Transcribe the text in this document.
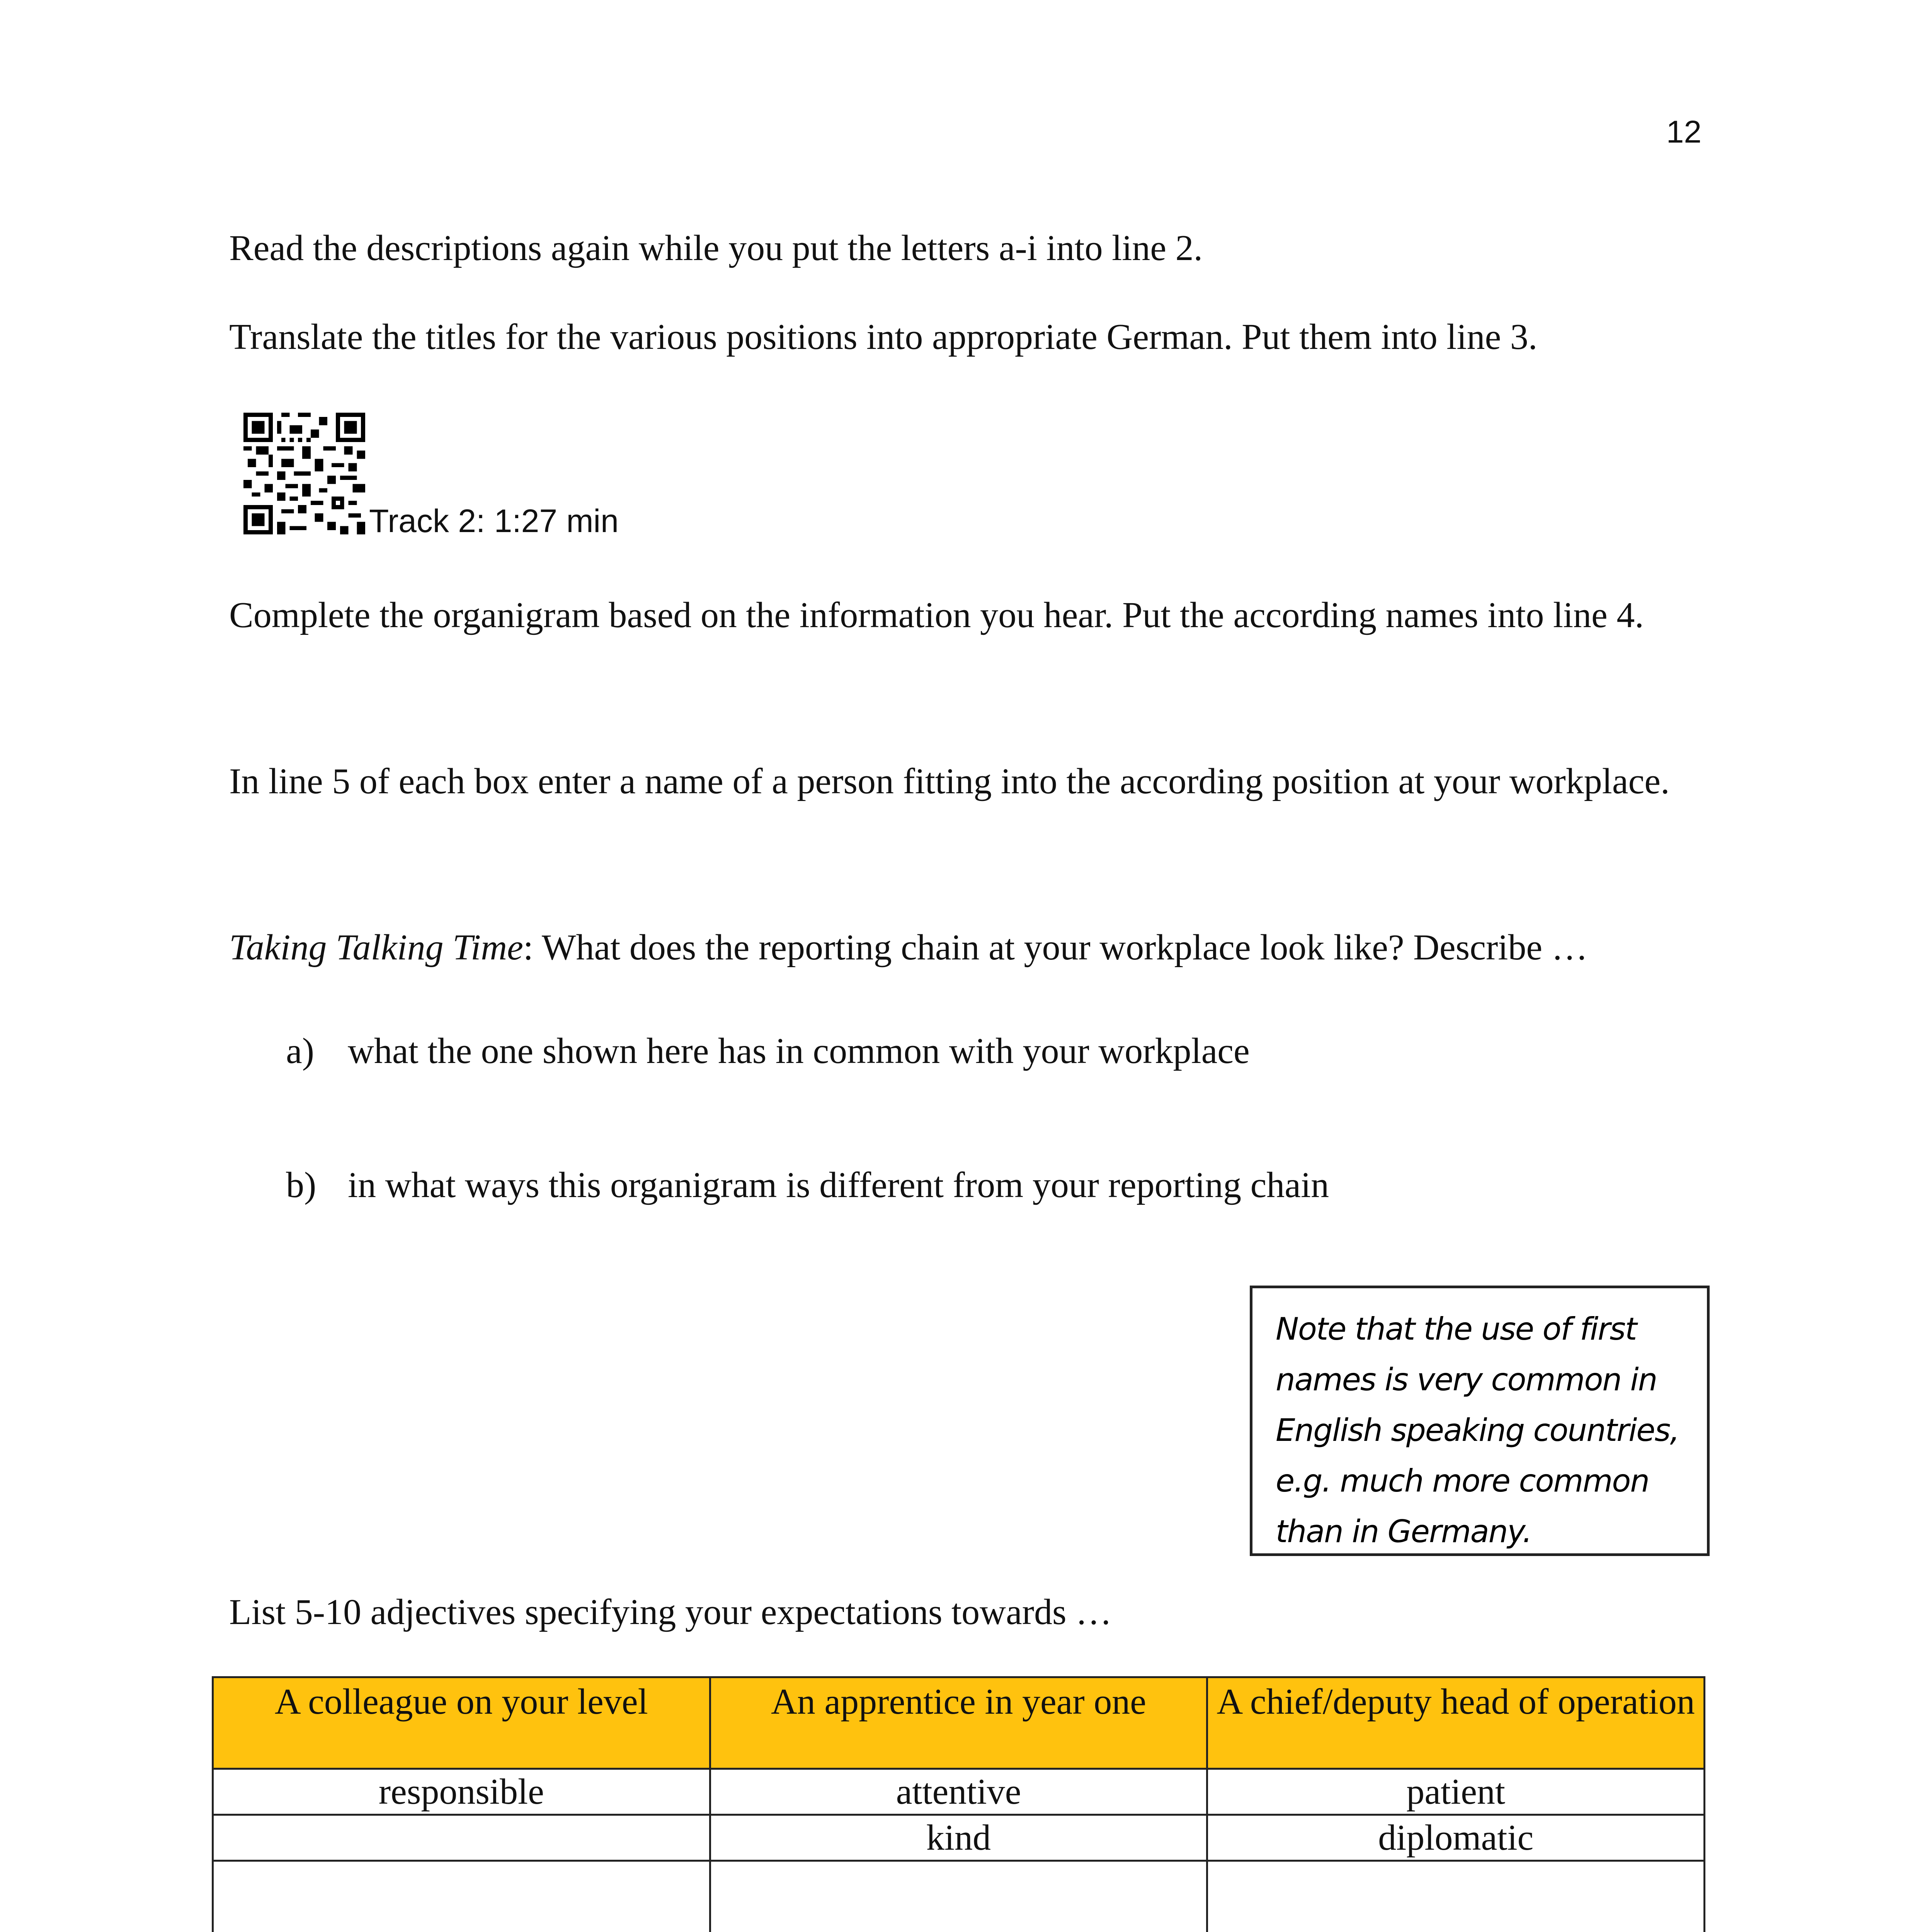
12

Read the descriptions again while you put the letters a-i into line 2.

Translate the titles for the various positions into appropriate German. Put them into line 3.

Track 2: 1:27 min

Complete the organigram based on the information you hear. Put the according names into line 4.

In line 5 of each box enter a name of a person fitting into the according position at your workplace.

Taking Talking Time: What does the reporting chain at your workplace look like? Describe …

a) what the one shown here has in common with your workplace
b) in what ways this organigram is different from your reporting chain

Note that the use of first

names is very common in

English speaking countries,

e.g. much more common

than in Germany.

List 5-10 adjectives specifying your expectations towards …

A colleague on your level	An apprentice in year one	A chief/deputy head of operation
responsible	attentive	patient
	kind	diplomatic
